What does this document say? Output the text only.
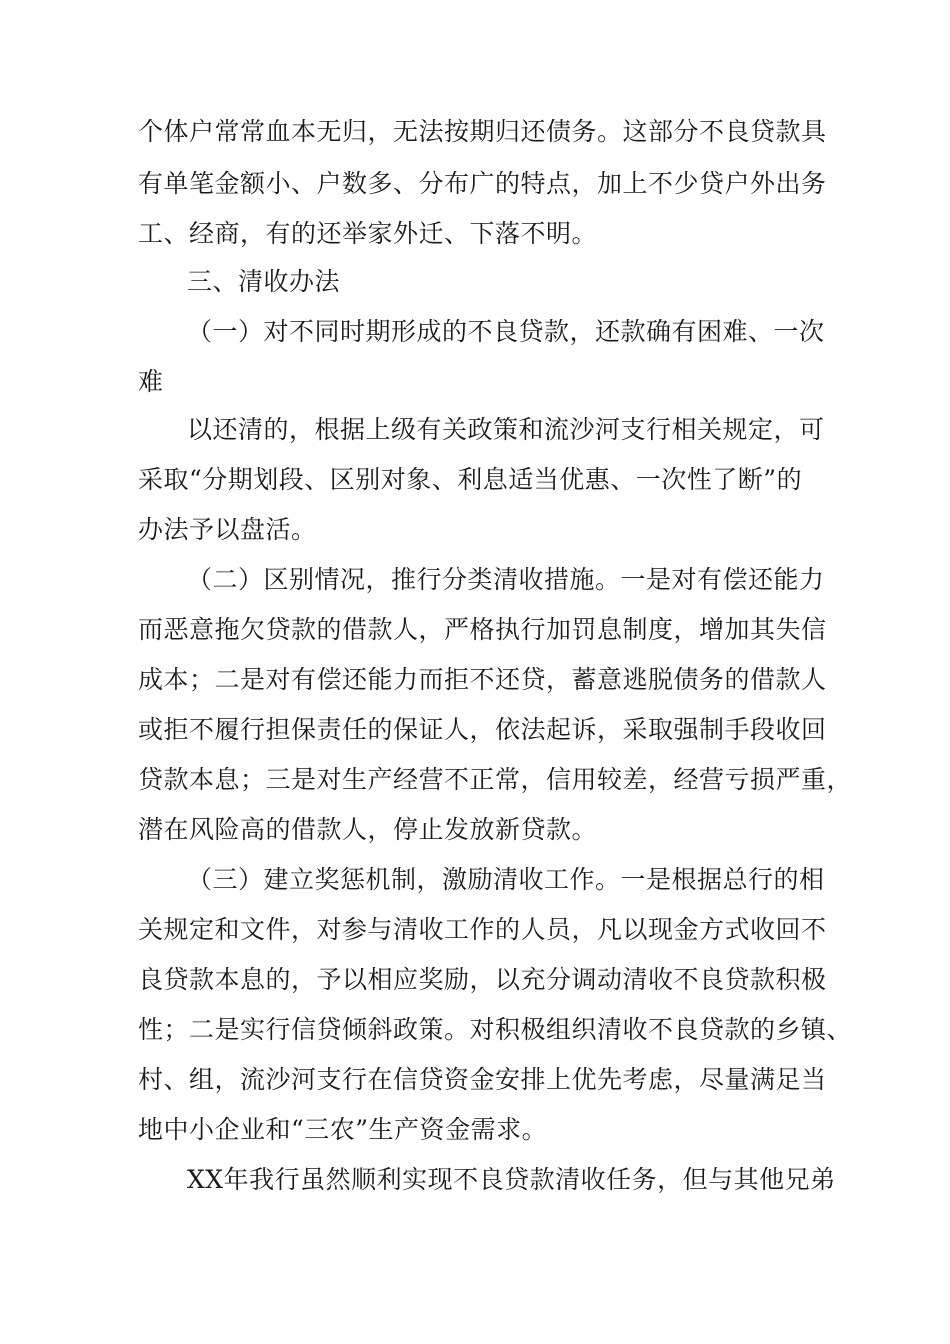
个体户常常血本无归，无法按期归还债务。这部分不良贷款具
有单笔金额小、户数多、分布广的特点，加上不少贷户外出务
工、经商，有的还举家外迁、下落不明。
三、清收办法
（一）对不同时期形成的不良贷款，还款确有困难、一次
难
以还清的，根据上级有关政策和流沙河支行相关规定，可
采取“分期划段、区别对象、利息适当优惠、一次性了断”的
办法予以盘活。
（二）区别情况，推行分类清收措施。一是对有偿还能力
而恶意拖欠贷款的借款人，严格执行加罚息制度，增加其失信
成本；二是对有偿还能力而拒不还贷，蓄意逃脱债务的借款人
或拒不履行担保责任的保证人，依法起诉，采取强制手段收回
贷款本息；三是对生产经营不正常，信用较差，经营亏损严重，
潜在风险高的借款人，停止发放新贷款。
（三）建立奖惩机制，激励清收工作。一是根据总行的相
关规定和文件，对参与清收工作的人员，凡以现金方式收回不
良贷款本息的，予以相应奖励，以充分调动清收不良贷款积极
性；二是实行信贷倾斜政策。对积极组织清收不良贷款的乡镇、
村、组，流沙河支行在信贷资金安排上优先考虑，尽量满足当
地中小企业和“三农”生产资金需求。
XX年我行虽然顺利实现不良贷款清收任务，但与其他兄弟
